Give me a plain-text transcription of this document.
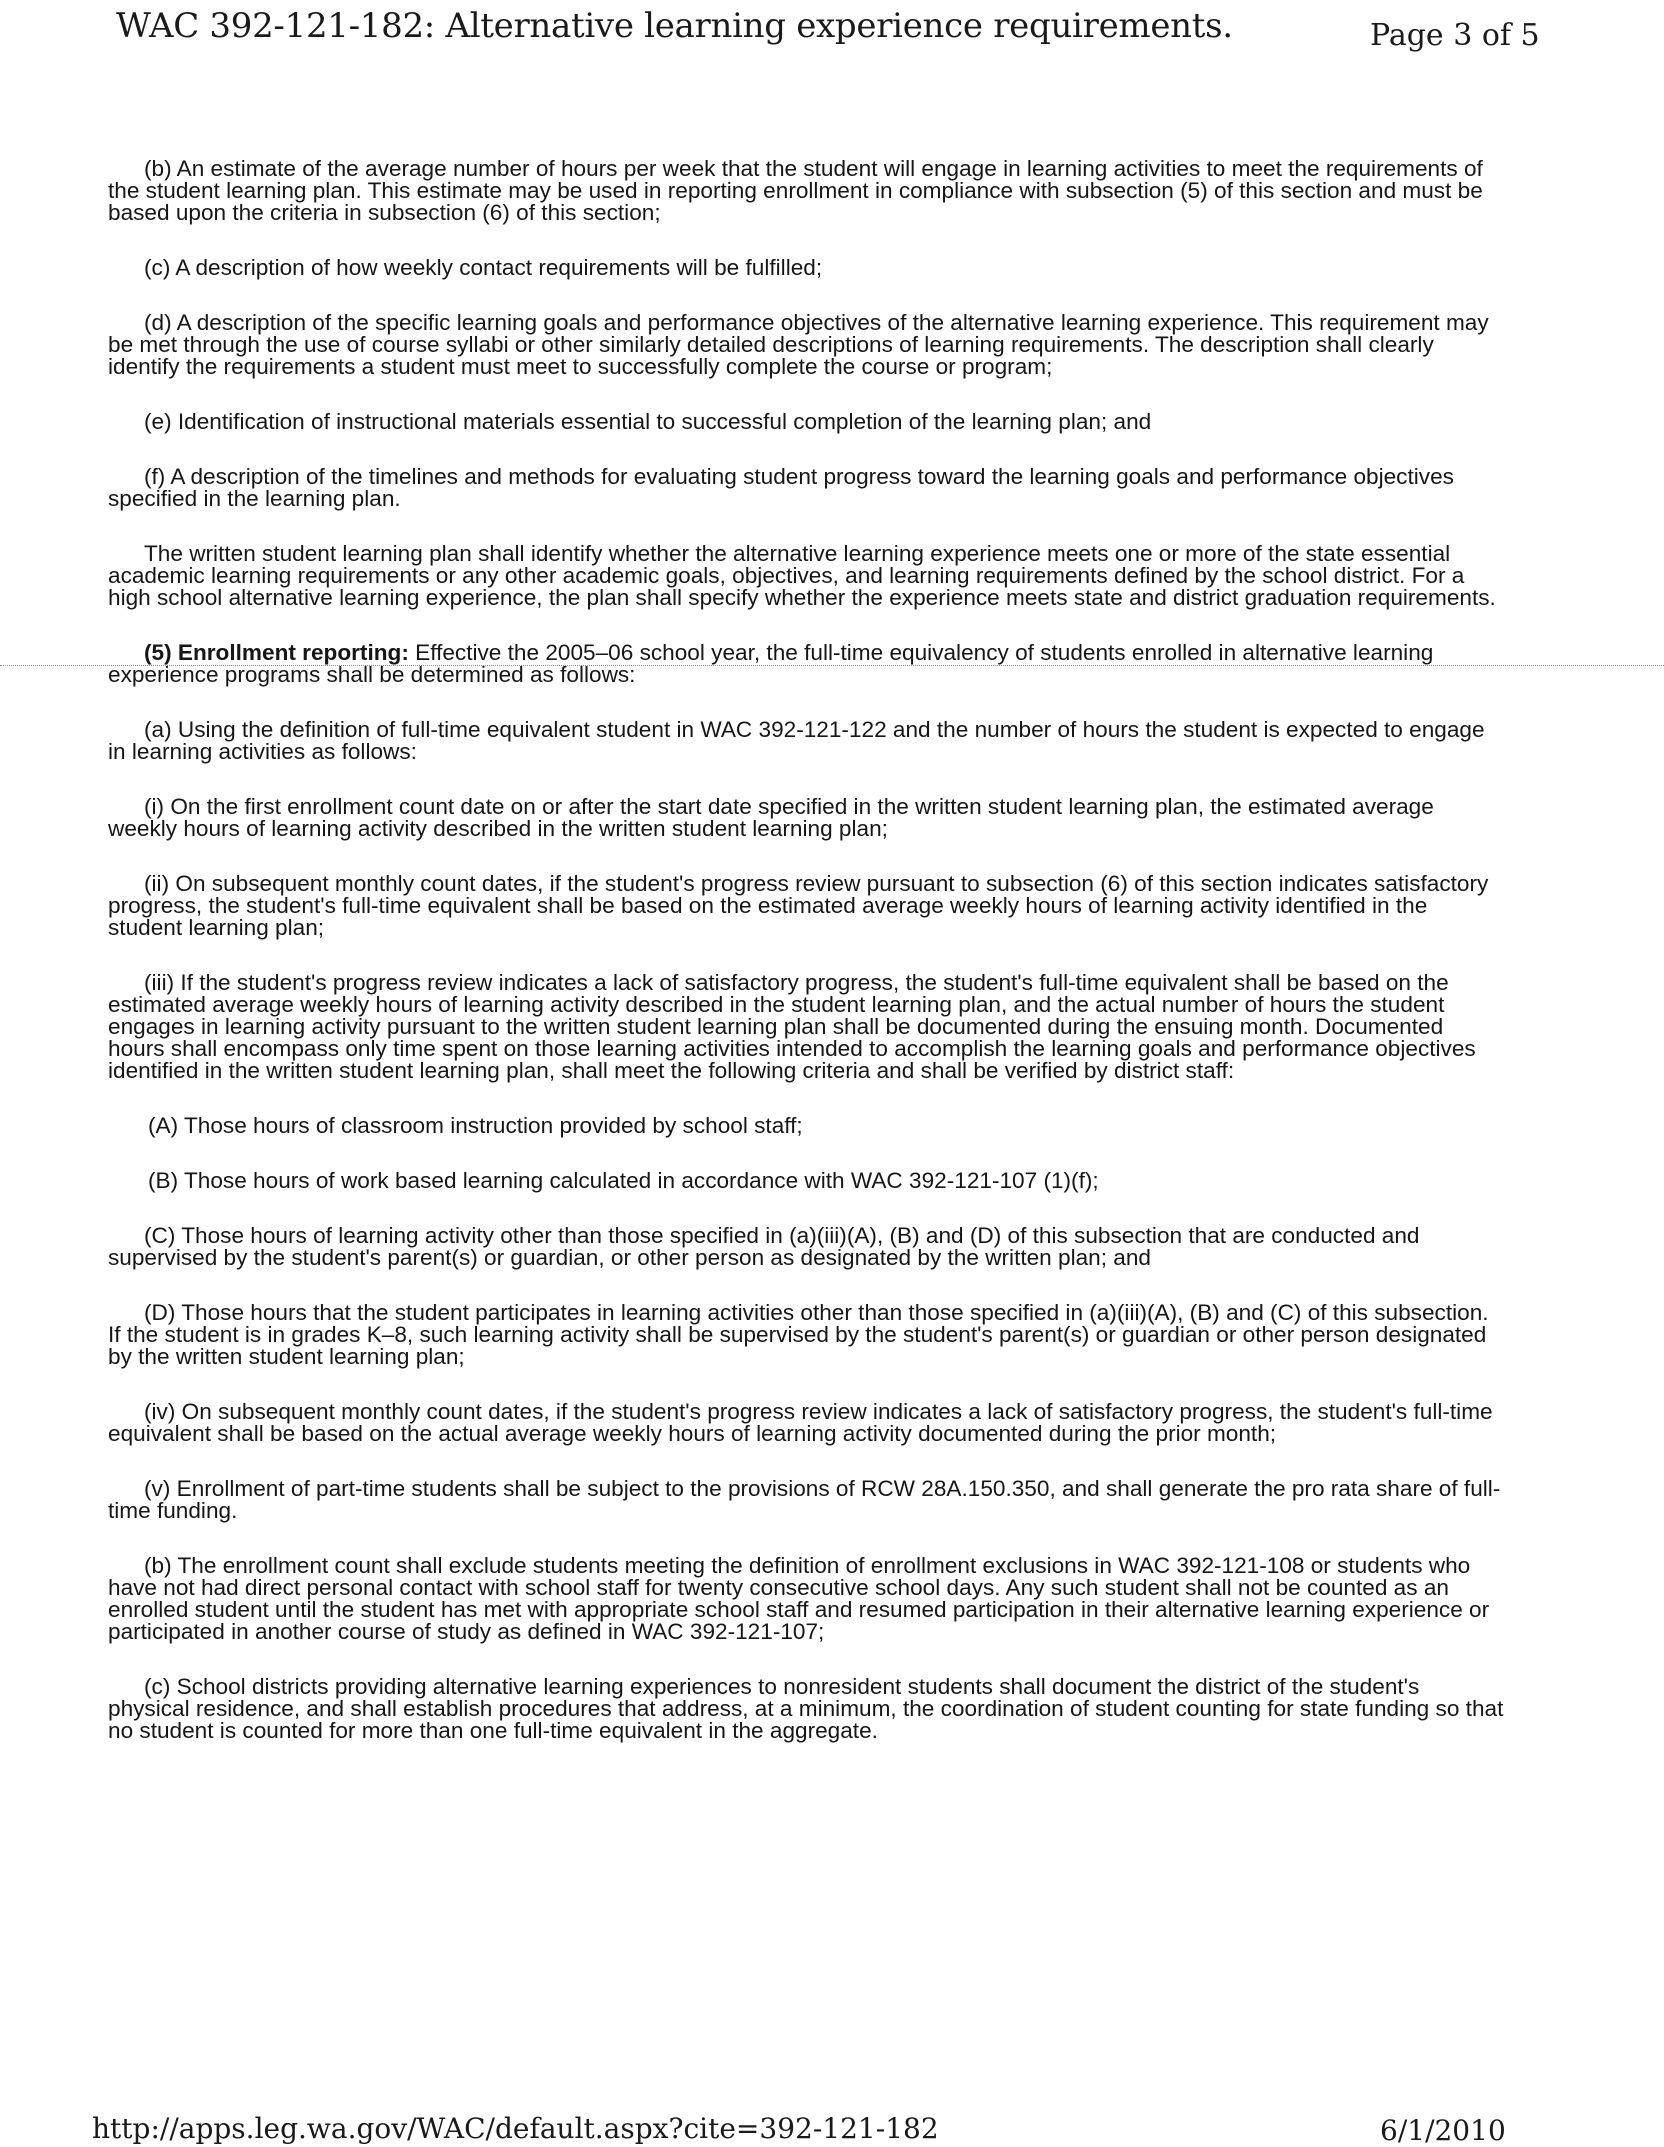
WAC 392-121-182: Alternative learning experience requirements.	Page 3 of 5

(b) An estimate of the average number of hours per week that the student will engage in learning activities to meet the requirements of the student learning plan. This estimate may be used in reporting enrollment in compliance with subsection (5) of this section and must be based upon the criteria in subsection (6) of this section;

(c) A description of how weekly contact requirements will be fulfilled;

(d) A description of the specific learning goals and performance objectives of the alternative learning experience. This requirement may be met through the use of course syllabi or other similarly detailed descriptions of learning requirements. The description shall clearly identify the requirements a student must meet to successfully complete the course or program;

(e) Identification of instructional materials essential to successful completion of the learning plan; and

(f) A description of the timelines and methods for evaluating student progress toward the learning goals and performance objectives specified in the learning plan.

The written student learning plan shall identify whether the alternative learning experience meets one or more of the state essential academic learning requirements or any other academic goals, objectives, and learning requirements defined by the school district. For a high school alternative learning experience, the plan shall specify whether the experience meets state and district graduation requirements.

(5) Enrollment reporting: Effective the 2005–06 school year, the full-time equivalency of students enrolled in alternative learning experience programs shall be determined as follows:

(a) Using the definition of full-time equivalent student in WAC 392-121-122 and the number of hours the student is expected to engage in learning activities as follows:

(i) On the first enrollment count date on or after the start date specified in the written student learning plan, the estimated average weekly hours of learning activity described in the written student learning plan;

(ii) On subsequent monthly count dates, if the student's progress review pursuant to subsection (6) of this section indicates satisfactory progress, the student's full-time equivalent shall be based on the estimated average weekly hours of learning activity identified in the student learning plan;

(iii) If the student's progress review indicates a lack of satisfactory progress, the student's full-time equivalent shall be based on the estimated average weekly hours of learning activity described in the student learning plan, and the actual number of hours the student engages in learning activity pursuant to the written student learning plan shall be documented during the ensuing month. Documented hours shall encompass only time spent on those learning activities intended to accomplish the learning goals and performance objectives identified in the written student learning plan, shall meet the following criteria and shall be verified by district staff:

(A) Those hours of classroom instruction provided by school staff;

(B) Those hours of work based learning calculated in accordance with WAC 392-121-107 (1)(f);

(C) Those hours of learning activity other than those specified in (a)(iii)(A), (B) and (D) of this subsection that are conducted and supervised by the student's parent(s) or guardian, or other person as designated by the written plan; and

(D) Those hours that the student participates in learning activities other than those specified in (a)(iii)(A), (B) and (C) of this subsection. If the student is in grades K–8, such learning activity shall be supervised by the student's parent(s) or guardian or other person designated by the written student learning plan;

(iv) On subsequent monthly count dates, if the student's progress review indicates a lack of satisfactory progress, the student's full-time equivalent shall be based on the actual average weekly hours of learning activity documented during the prior month;

(v) Enrollment of part-time students shall be subject to the provisions of RCW 28A.150.350, and shall generate the pro rata share of full-time funding.

(b) The enrollment count shall exclude students meeting the definition of enrollment exclusions in WAC 392-121-108 or students who have not had direct personal contact with school staff for twenty consecutive school days. Any such student shall not be counted as an enrolled student until the student has met with appropriate school staff and resumed participation in their alternative learning experience or participated in another course of study as defined in WAC 392-121-107;

(c) School districts providing alternative learning experiences to nonresident students shall document the district of the student's physical residence, and shall establish procedures that address, at a minimum, the coordination of student counting for state funding so that no student is counted for more than one full-time equivalent in the aggregate.

http://apps.leg.wa.gov/WAC/default.aspx?cite=392-121-182	6/1/2010
